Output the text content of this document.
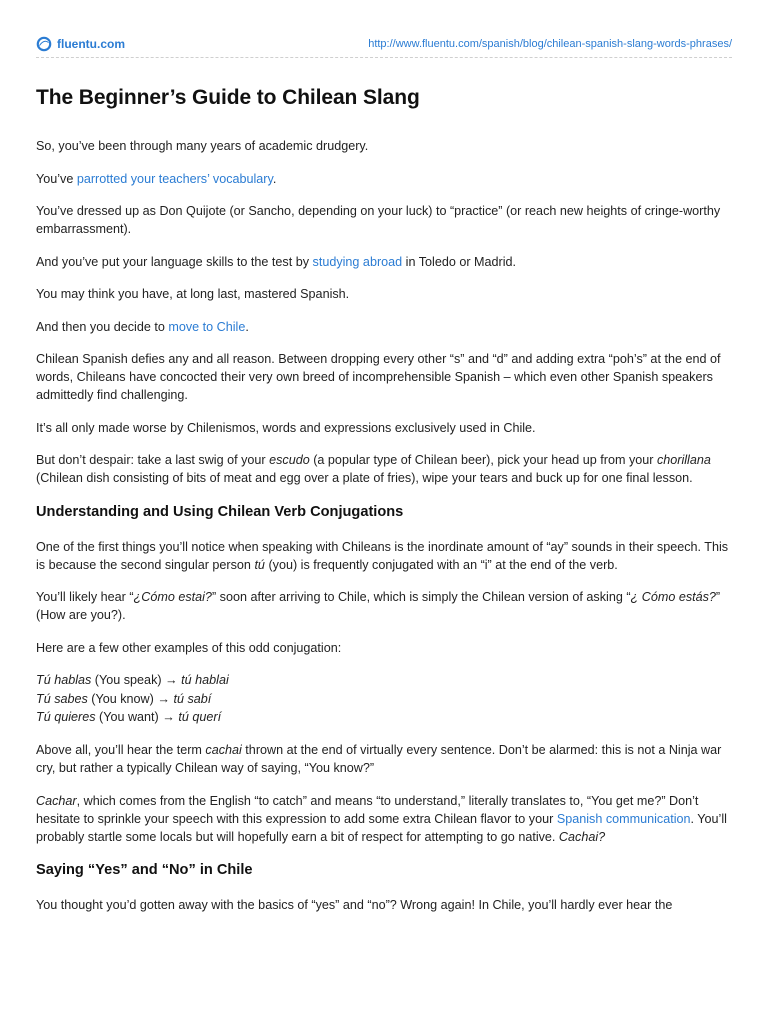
fluentu.com	http://www.fluentu.com/spanish/blog/chilean-spanish-slang-words-phrases/
The Beginner’s Guide to Chilean Slang

So, you’ve been through many years of academic drudgery.

You’ve parrotted your teachers’ vocabulary.

You’ve dressed up as Don Quijote (or Sancho, depending on your luck) to “practice” (or reach new heights of cringe-worthy embarrassment).

And you’ve put your language skills to the test by studying abroad in Toledo or Madrid.

You may think you have, at long last, mastered Spanish.

And then you decide to move to Chile.

Chilean Spanish defies any and all reason. Between dropping every other “s” and “d” and adding extra “poh’s” at the end of words, Chileans have concocted their very own breed of incomprehensible Spanish – which even other Spanish speakers admittedly find challenging.

It’s all only made worse by Chilenismos, words and expressions exclusively used in Chile.

But don’t despair: take a last swig of your escudo (a popular type of Chilean beer), pick your head up from your chorillana (Chilean dish consisting of bits of meat and egg over a plate of fries), wipe your tears and buck up for one final lesson.

Understanding and Using Chilean Verb Conjugations

One of the first things you’ll notice when speaking with Chileans is the inordinate amount of “ay” sounds in their speech. This is because the second singular person tú (you) is frequently conjugated with an “i” at the end of the verb.

You’ll likely hear “¿Cómo estai?” soon after arriving to Chile, which is simply the Chilean version of asking “¿ Cómo estás?” (How are you?).

Here are a few other examples of this odd conjugation:

Tú hablas (You speak) → tú hablai
Tú sabes (You know) → tú sabí
Tú quieres (You want) → tú querí

Above all, you’ll hear the term cachai thrown at the end of virtually every sentence. Don’t be alarmed: this is not a Ninja war cry, but rather a typically Chilean way of saying, “You know?”

Cachar, which comes from the English “to catch” and means “to understand,” literally translates to, “You get me?” Don’t hesitate to sprinkle your speech with this expression to add some extra Chilean flavor to your Spanish communication. You’ll probably startle some locals but will hopefully earn a bit of respect for attempting to go native. Cachai?

Saying “Yes” and “No” in Chile

You thought you’d gotten away with the basics of “yes” and “no”? Wrong again! In Chile, you’ll hardly ever hear the
